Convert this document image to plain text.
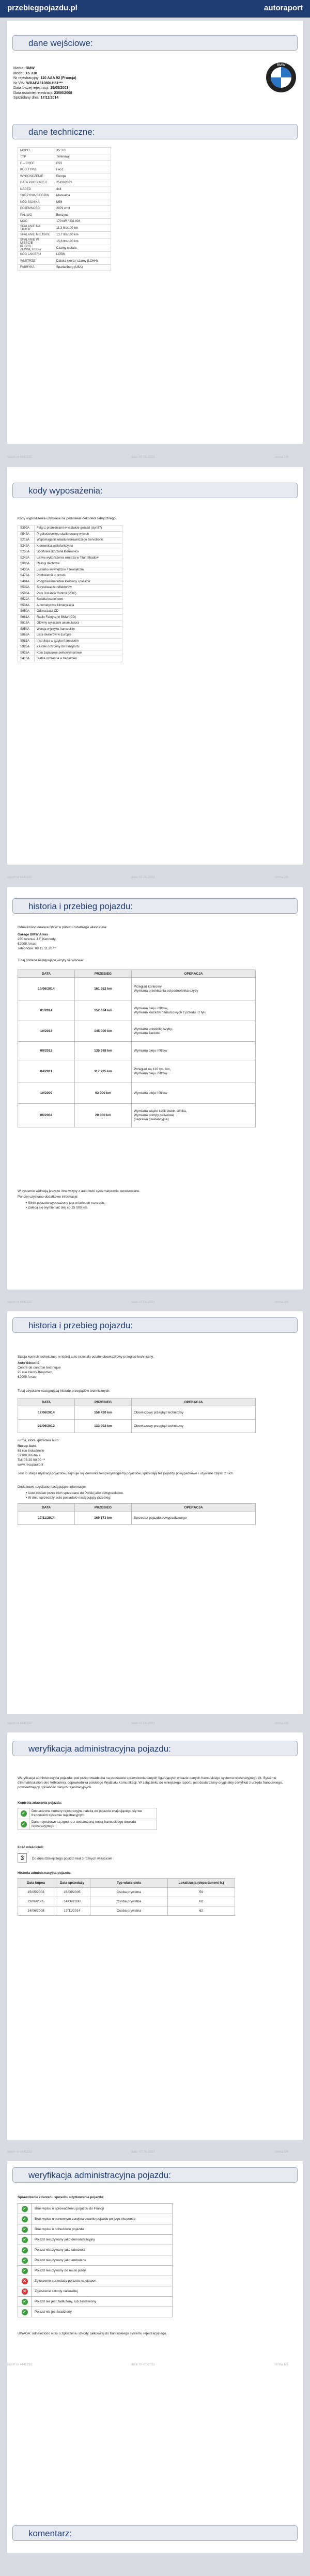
przebiegpojazdu.pl	autoraport
dane wejściowe:
Marka: BMW
Model: X5 3.0I
Nr rejestracyjny: 110 AAA 92 (Francja)
Nr VIN: WBAFA51080LH51***
Data 1-szej rejestracji: 15/05/2003
Data ostatniej rejestracji: 23/06/2008
Sprzedany dnia: 17/11/2014
BMW
dane techniczne:
MODEL	X5 3.0I
TYP	Terenowy
E – CODE	E53
KOD TYPU	FA51
WYKONCZENIE	Europe
DATA PRODUKCJI	25/03/2003
NAPĘD	4x4
SKRZYNIA BIEGÓW	Manualna
KOD SILNIKA	M54
POJEMNOŚĆ	2979 cm3
PALIWO	Benzyna
MOC	170 kW / 231 KM
SPALANIE NA TRASIE	11,3 ltrs/100 km
SPALANIE MIEJSKIE	13,7 ltrs/100 km
SPALANIE W MIEŚCIE	15,8 ltrs/100 km
KOLOR ZEWNĘTRZNY	Czarny metalic
KOD LAKIERU	LC5W
WNĘTRZE	Dakota skóra / czarny (LCHH)
FABRYKA	Spartanburg (USA)
raport nr 4441232	data: 07-01-2022	strona 1/6
kody wyposażenia:
Kody wyposażenia uzyskane na podstawie dekodera fabrycznego.
S399A	Felgi z promieniami w kształcie gwiazd (styl 57)
S548A	Prędkościomierz skalibrowany w km/h
S216A	Wspomaganie układu kierowniczego Servotronic
S249A	Kierownica wielofunkcyjna
S255A	Sportowa skórzana kierownica
S242A	Listwa wykończenia wnętrza w Titan Shadow
S386A	Relingi dachowe
S430A	Lusterko wewnętrzne / zewnętrzne
S473A	Podłokietnik z przodu
S494A	Podgrzewane fotele kierowcy i pasażer
S502A	Spryskiwacze reflektorów
S508A	Park Distance Control (PDC)
S522A	Światła ksenonowe
S534A	Automatyczna klimatyzacja
S650A	Odtwarzacz CD
S661A	Radio Fabryczne BMW (CD)
S818A	Główny wyłącznik akumulatora
S854A	Wersja w języku francuskim
S863A	Lista dealerów w Europie
S881A	Instrukcja w języku francuskim
S925A	Zestaw ochronny do transportu
S926A	Koło zapasowe pełnowymiarowe
S413A	Siatka ochronna w bagażniku
raport nr 4441232	data: 07-01-2022	strona 2/6
historia i przebieg pojazdu:
Odnaleziono dealera BMW w pobliżu ostatniego właściciela:
Garage BMW Arras
250 Avenue J.F. Kennedy,
62000 Arras
Telephone: 08 11 11 20 **
Tutaj podane następujące wizyty serwisowe:
DATA	PRZEBIEG	OPERACJA
10/06/2014	161 552 km	Przegląd kontrolny,
Wymiana przekładnia od podnośnika szyby

01/2014	152 324 km	Wymiana oleju i filtrów,
Wymiana klocków hamulcowych z przodu i z tyłu

10/2013	145 000 km	Wymiana przedniej szyby,
Wymiana żarówki

09/2012	135 688 km	Wymiana oleju i filtrów

04/2011	117 925 km	Przegląd na 120 tys. km,
Wymiana oleju i filtrów

10/2009	93 000 km	Wymiana oleju i filtrów

06/2004	20 000 km	Wymiana wiązki kabli elektr. silnika,
Wymiana pompy paliwowej
(naprawa gwarancyjna)
W systemie widnieją jeszcze inne wizyty z auto bubi systematycznie serwisowane.
Poniżej uzyskano dodatkowe informacje:
• Silnik pojazdu wyposażony jest w łańcuch rozrządu.
• Zalecą się wymieniać olej co 25 000 km.
raport nr 4441232	data: 07-01-2022	strona 3/6
historia i przebieg pojazdu:
Stacja kontroli technicznej, w której auto przeszło ostatni obowiązkowy przegląd techniczny:
Auto Sécurité
Centre de controle technique
25 rue Henry Bousmen,
62000 Arras
Tutaj uzyskano następującą historię przeglądów technicznych:
DATA	PRZEBIEG	OPERACJA
17/06/2014	158 420 km	Obowiazowy przegląd techniczny

21/06/2012	133 992 km	Obowiazowy przegląd techniczny
Firma, która sprzedała auto:
Recup Auto
88 rue Industrielle
59100 Roubaix
Tel: 03 20 90 00 **
www.recupauto.fr
Jest to stacja utylizacji pojazdów, zajmuje się demontażem(recyklingiem) pojazdów, sprzedają też pojazdy powypadkowe i używane części z nich.
Dodatkowe uzyskano następujące informacje:
• Auto zostało przez nich sprzedane do Polski jako powypadkowe.
• W dniu sprzedaży auto posiadało następujący przebieg:
DATA	PRZEBIEG	OPERACJA
17/11/2014	169 573 km	Sprzedaż pojazdu powypadkowego
raport nr 4441232	data: 07-01-2022	strona 4/6
weryfikacja administracyjna pojazdu:
Weryfikacja administracyjna pojazdu: pod przeprowadzona na podstawie sprawdzenia danych figurujących w bazie danych francuskiego systemu rejestracyjnego (fr. Système d'immatriculation des Véhicules), odpowiednika polskiego Wydziału Komunikacji. W załączniku do niniejszego raportu jest dostarczony oryginalny certyfikat z urzędu francuskiego, potwierdzający opisaność danych rejestracyjnych.
Kontrola zdawania pojazdu:
✓	Dostarczone numery rejestracyjne należą do pojazdu znajdującego się we francuskim systemie rejestracyjnym
✓	Dane rejestrowe są zgodne z dostarczoną kopią francuskiego dowodu rejestracyjnego
Ilość właścicieli:
3	Do dnia dzisiejszego pojazd miał 3 różnych właścicieli
Historia administracyjna pojazdu:
Data kupna	Data sprzedaży	Typ właściciela	Lokalizacja (departament fr.)
15/05/2003	23/06/2005	Osoba prywatna	59
23/06/2005	14/06/2008	Osoba prywatna	62
14/06/2008	17/11/2014	Osoba prywatna	62
raport nr 4441232	data: 07-01-2022	strona 5/6
weryfikacja administracyjna pojazdu:
Sprawdzenie zdarzeń i sposobu użytkowania pojazdu:
✓	Brak wpisu o sprowadzeniu pojazdu do Francji
✓	Brak wpisu o ponownym zarejestrowaniu pojazdu po jego eksporcie
✓	Brak wpisu o odbudowie pojazdu
✓	Pojazd nieużywany jako demonstracyjny
✓	Pojazd nieużywany jako taksówka
✓	Pojazd nieużywany jako ambulans
✓	Pojazd nieużywany do nauki jazdy
✕	Zgłoszenie sprzedaży pojazdu na eksport
✕	Zgłoszenie szkody całkowitej
✓	Pojazd nie jest zadłużony, lub zastawiony
✓	Pojazd nie jest kradziony
UWAGA: odnaleziono wpis o zgłoszeniu szkody całkowitej do francuskiego systemu rejestracyjnego.
komentarz:
raport nr 4441232	data: 07-01-2022	strona 6/6
